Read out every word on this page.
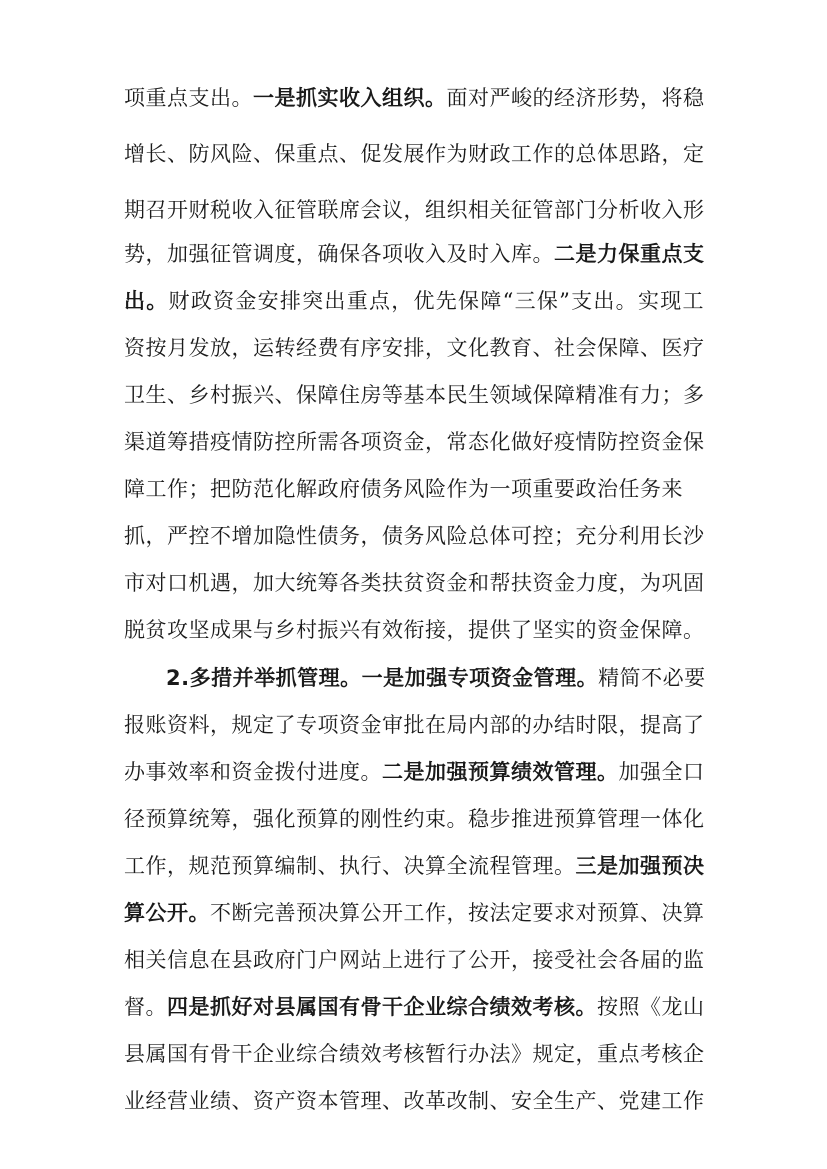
项重点支出。一是抓实收入组织。面对严峻的经济形势，将稳
增长、防风险、保重点、促发展作为财政工作的总体思路，定
期召开财税收入征管联席会议，组织相关征管部门分析收入形
势，加强征管调度，确保各项收入及时入库。二是力保重点支
出。财政资金安排突出重点，优先保障“三保”支出。实现工
资按月发放，运转经费有序安排，文化教育、社会保障、医疗
卫生、乡村振兴、保障住房等基本民生领域保障精准有力；多
渠道筹措疫情防控所需各项资金，常态化做好疫情防控资金保
障工作；把防范化解政府债务风险作为一项重要政治任务来
抓，严控不增加隐性债务，债务风险总体可控；充分利用长沙
市对口机遇，加大统筹各类扶贫资金和帮扶资金力度，为巩固
脱贫攻坚成果与乡村振兴有效衔接，提供了坚实的资金保障。
2.多措并举抓管理。一是加强专项资金管理。精简不必要
报账资料，规定了专项资金审批在局内部的办结时限，提高了
办事效率和资金拨付进度。二是加强预算绩效管理。加强全口
径预算统筹，强化预算的刚性约束。稳步推进预算管理一体化
工作，规范预算编制、执行、决算全流程管理。三是加强预决
算公开。不断完善预决算公开工作，按法定要求对预算、决算
相关信息在县政府门户网站上进行了公开，接受社会各届的监
督。四是抓好对县属国有骨干企业综合绩效考核。按照《龙山
县属国有骨干企业综合绩效考核暂行办法》规定，重点考核企
业经营业绩、资产资本管理、改革改制、安全生产、党建工作
